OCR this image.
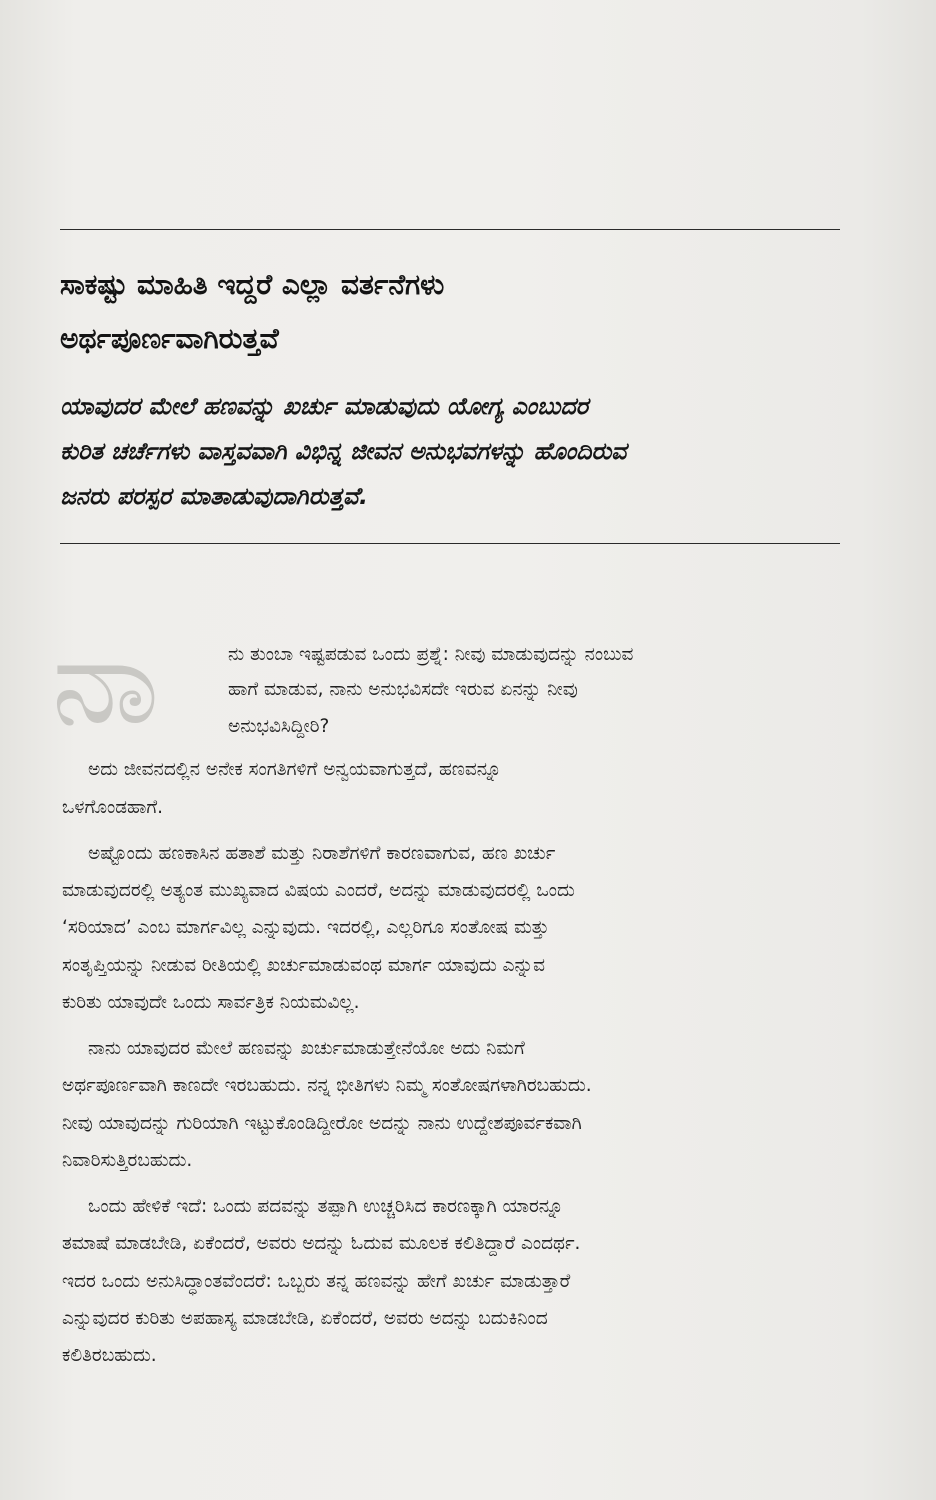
ಸಾಕಷ್ಟು ಮಾಹಿತಿ ಇದ್ದರೆ ಎಲ್ಲಾ ವರ್ತನೆಗಳು
ಅರ್ಥಪೂರ್ಣವಾಗಿರುತ್ತವೆ
ಯಾವುದರ ಮೇಲೆ ಹಣವನ್ನು ಖರ್ಚು ಮಾಡುವುದು ಯೋಗ್ಯ ಎಂಬುದರ
ಕುರಿತ ಚರ್ಚೆಗಳು ವಾಸ್ತವವಾಗಿ ವಿಭಿನ್ನ ಜೀವನ ಅನುಭವಗಳನ್ನು ಹೊಂದಿರುವ
ಜನರು ಪರಸ್ಪರ ಮಾತಾಡುವುದಾಗಿರುತ್ತವೆ.
ನಾ	ನು ತುಂಬಾ ಇಷ್ಟಪಡುವ ಒಂದು ಪ್ರಶ್ನೆ: ನೀವು ಮಾಡುವುದನ್ನು ನಂಬುವ
ಹಾಗೆ ಮಾಡುವ, ನಾನು ಅನುಭವಿಸದೇ ಇರುವ ಏನನ್ನು ನೀವು
ಅನುಭವಿಸಿದ್ದೀರಿ?
ಅದು ಜೀವನದಲ್ಲಿನ ಅನೇಕ ಸಂಗತಿಗಳಿಗೆ ಅನ್ವಯವಾಗುತ್ತದೆ, ಹಣವನ್ನೂ
ಒಳಗೊಂಡಹಾಗೆ.
ಅಷ್ಟೊಂದು ಹಣಕಾಸಿನ ಹತಾಶೆ ಮತ್ತು ನಿರಾಶೆಗಳಿಗೆ ಕಾರಣವಾಗುವ, ಹಣ ಖರ್ಚು
ಮಾಡುವುದರಲ್ಲಿ ಅತ್ಯಂತ ಮುಖ್ಯವಾದ ವಿಷಯ ಎಂದರೆ, ಅದನ್ನು ಮಾಡುವುದರಲ್ಲಿ ಒಂದು
‘ಸರಿಯಾದ’ ಎಂಬ ಮಾರ್ಗವಿಲ್ಲ ಎನ್ನುವುದು. ಇದರಲ್ಲಿ, ಎಲ್ಲರಿಗೂ ಸಂತೋಷ ಮತ್ತು
ಸಂತೃಪ್ತಿಯನ್ನು ನೀಡುವ ರೀತಿಯಲ್ಲಿ ಖರ್ಚುಮಾಡುವಂಥ ಮಾರ್ಗ ಯಾವುದು ಎನ್ನುವ
ಕುರಿತು ಯಾವುದೇ ಒಂದು ಸಾರ್ವತ್ರಿಕ ನಿಯಮವಿಲ್ಲ.
ನಾನು ಯಾವುದರ ಮೇಲೆ ಹಣವನ್ನು ಖರ್ಚುಮಾಡುತ್ತೇನೆಯೋ ಅದು ನಿಮಗೆ
ಅರ್ಥಪೂರ್ಣವಾಗಿ ಕಾಣದೇ ಇರಬಹುದು. ನನ್ನ ಭೀತಿಗಳು ನಿಮ್ಮ ಸಂತೋಷಗಳಾಗಿರಬಹುದು.
ನೀವು ಯಾವುದನ್ನು ಗುರಿಯಾಗಿ ಇಟ್ಟುಕೊಂಡಿದ್ದೀರೋ ಅದನ್ನು ನಾನು ಉದ್ದೇಶಪೂರ್ವಕವಾಗಿ
ನಿವಾರಿಸುತ್ತಿರಬಹುದು.
ಒಂದು ಹೇಳಿಕೆ ಇದೆ: ಒಂದು ಪದವನ್ನು ತಪ್ಪಾಗಿ ಉಚ್ಚರಿಸಿದ ಕಾರಣಕ್ಕಾಗಿ ಯಾರನ್ನೂ
ತಮಾಷೆ ಮಾಡಬೇಡಿ, ಏಕೆಂದರೆ, ಅವರು ಅದನ್ನು ಓದುವ ಮೂಲಕ ಕಲಿತಿದ್ದಾರೆ ಎಂದರ್ಥ.
ಇದರ ಒಂದು ಅನುಸಿದ್ಧಾಂತವೆಂದರೆ: ಒಬ್ಬರು ತನ್ನ ಹಣವನ್ನು ಹೇಗೆ ಖರ್ಚು ಮಾಡುತ್ತಾರೆ
ಎನ್ನುವುದರ ಕುರಿತು ಅಪಹಾಸ್ಯ ಮಾಡಬೇಡಿ, ಏಕೆಂದರೆ, ಅವರು ಅದನ್ನು ಬದುಕಿನಿಂದ
ಕಲಿತಿರಬಹುದು.
